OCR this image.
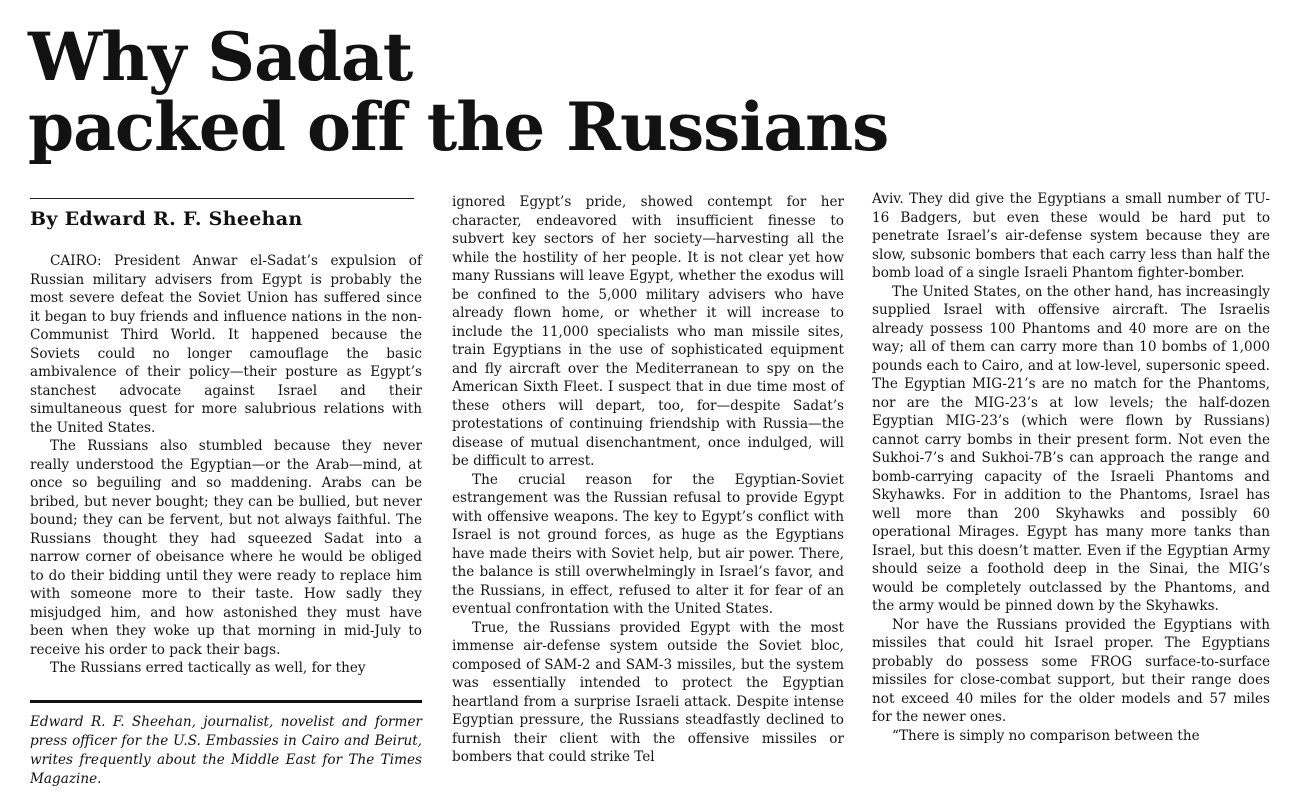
Why Sadat
packed off the Russians
By Edward R. F. Sheehan

CAIRO: President Anwar el-Sadat’s expulsion of Russian military advisers from Egypt is probably the most severe defeat the Soviet Union has suffered since it began to buy friends and influence nations in the non-Communist Third World. It happened because the Soviets could no longer camouflage the basic ambivalence of their policy—their posture as Egypt’s stanchest advocate against Israel and their simultaneous quest for more salubrious relations with the United States.

The Russians also stumbled because they never really understood the Egyptian—or the Arab—mind, at once so beguiling and so maddening. Arabs can be bribed, but never bought; they can be bullied, but never bound; they can be fervent, but not always faithful. The Russians thought they had squeezed Sadat into a narrow corner of obeisance where he would be obliged to do their bidding until they were ready to replace him with someone more to their taste. How sadly they misjudged him, and how astonished they must have been when they woke up that morning in mid-July to receive his order to pack their bags.

The Russians erred tactically as well, for they

Edward R. F. Sheehan, journalist, novelist and former press officer for the U.S. Embassies in Cairo and Beirut, writes frequently about the Middle East for The Times Magazine.

ignored Egypt’s pride, showed contempt for her character, endeavored with insufficient finesse to subvert key sectors of her society—harvesting all the while the hostility of her people. It is not clear yet how many Russians will leave Egypt, whether the exodus will be confined to the 5,000 military advisers who have already flown home, or whether it will increase to include the 11,000 specialists who man missile sites, train Egyptians in the use of sophisticated equipment and fly aircraft over the Mediterranean to spy on the American Sixth Fleet. I suspect that in due time most of these others will depart, too, for—despite Sadat’s protestations of continuing friendship with Russia—the disease of mutual disenchantment, once indulged, will be difficult to arrest.

The crucial reason for the Egyptian-Soviet estrangement was the Russian refusal to provide Egypt with offensive weapons. The key to Egypt’s conflict with Israel is not ground forces, as huge as the Egyptians have made theirs with Soviet help, but air power. There, the balance is still overwhelmingly in Israel’s favor, and the Russians, in effect, refused to alter it for fear of an eventual confrontation with the United States.

True, the Russians provided Egypt with the most immense air-defense system outside the Soviet bloc, composed of SAM-2 and SAM-3 missiles, but the system was essentially intended to protect the Egyptian heartland from a surprise Israeli attack. Despite intense Egyptian pressure, the Russians steadfastly declined to furnish their client with the offensive missiles or bombers that could strike Tel

Aviv. They did give the Egyptians a small number of TU-16 Badgers, but even these would be hard put to penetrate Israel’s air-defense system because they are slow, subsonic bombers that each carry less than half the bomb load of a single Israeli Phantom fighter-bomber.

The United States, on the other hand, has increasingly supplied Israel with offensive aircraft. The Israelis already possess 100 Phantoms and 40 more are on the way; all of them can carry more than 10 bombs of 1,000 pounds each to Cairo, and at low-level, supersonic speed. The Egyptian MIG-21’s are no match for the Phantoms, nor are the MIG-23’s at low levels; the half-dozen Egyptian MIG-23’s (which were flown by Russians) cannot carry bombs in their present form. Not even the Sukhoi-7’s and Sukhoi-7B’s can approach the range and bomb-carrying capacity of the Israeli Phantoms and Skyhawks. For in addition to the Phantoms, Israel has well more than 200 Skyhawks and possibly 60 operational Mirages. Egypt has many more tanks than Israel, but this doesn’t matter. Even if the Egyptian Army should seize a foothold deep in the Sinai, the MIG’s would be completely outclassed by the Phantoms, and the army would be pinned down by the Skyhawks.

Nor have the Russians provided the Egyptians with missiles that could hit Israel proper. The Egyptians probably do possess some FROG surface-to-surface missiles for close-combat support, but their range does not exceed 40 miles for the older models and 57 miles for the newer ones.

“There is simply no comparison between the
